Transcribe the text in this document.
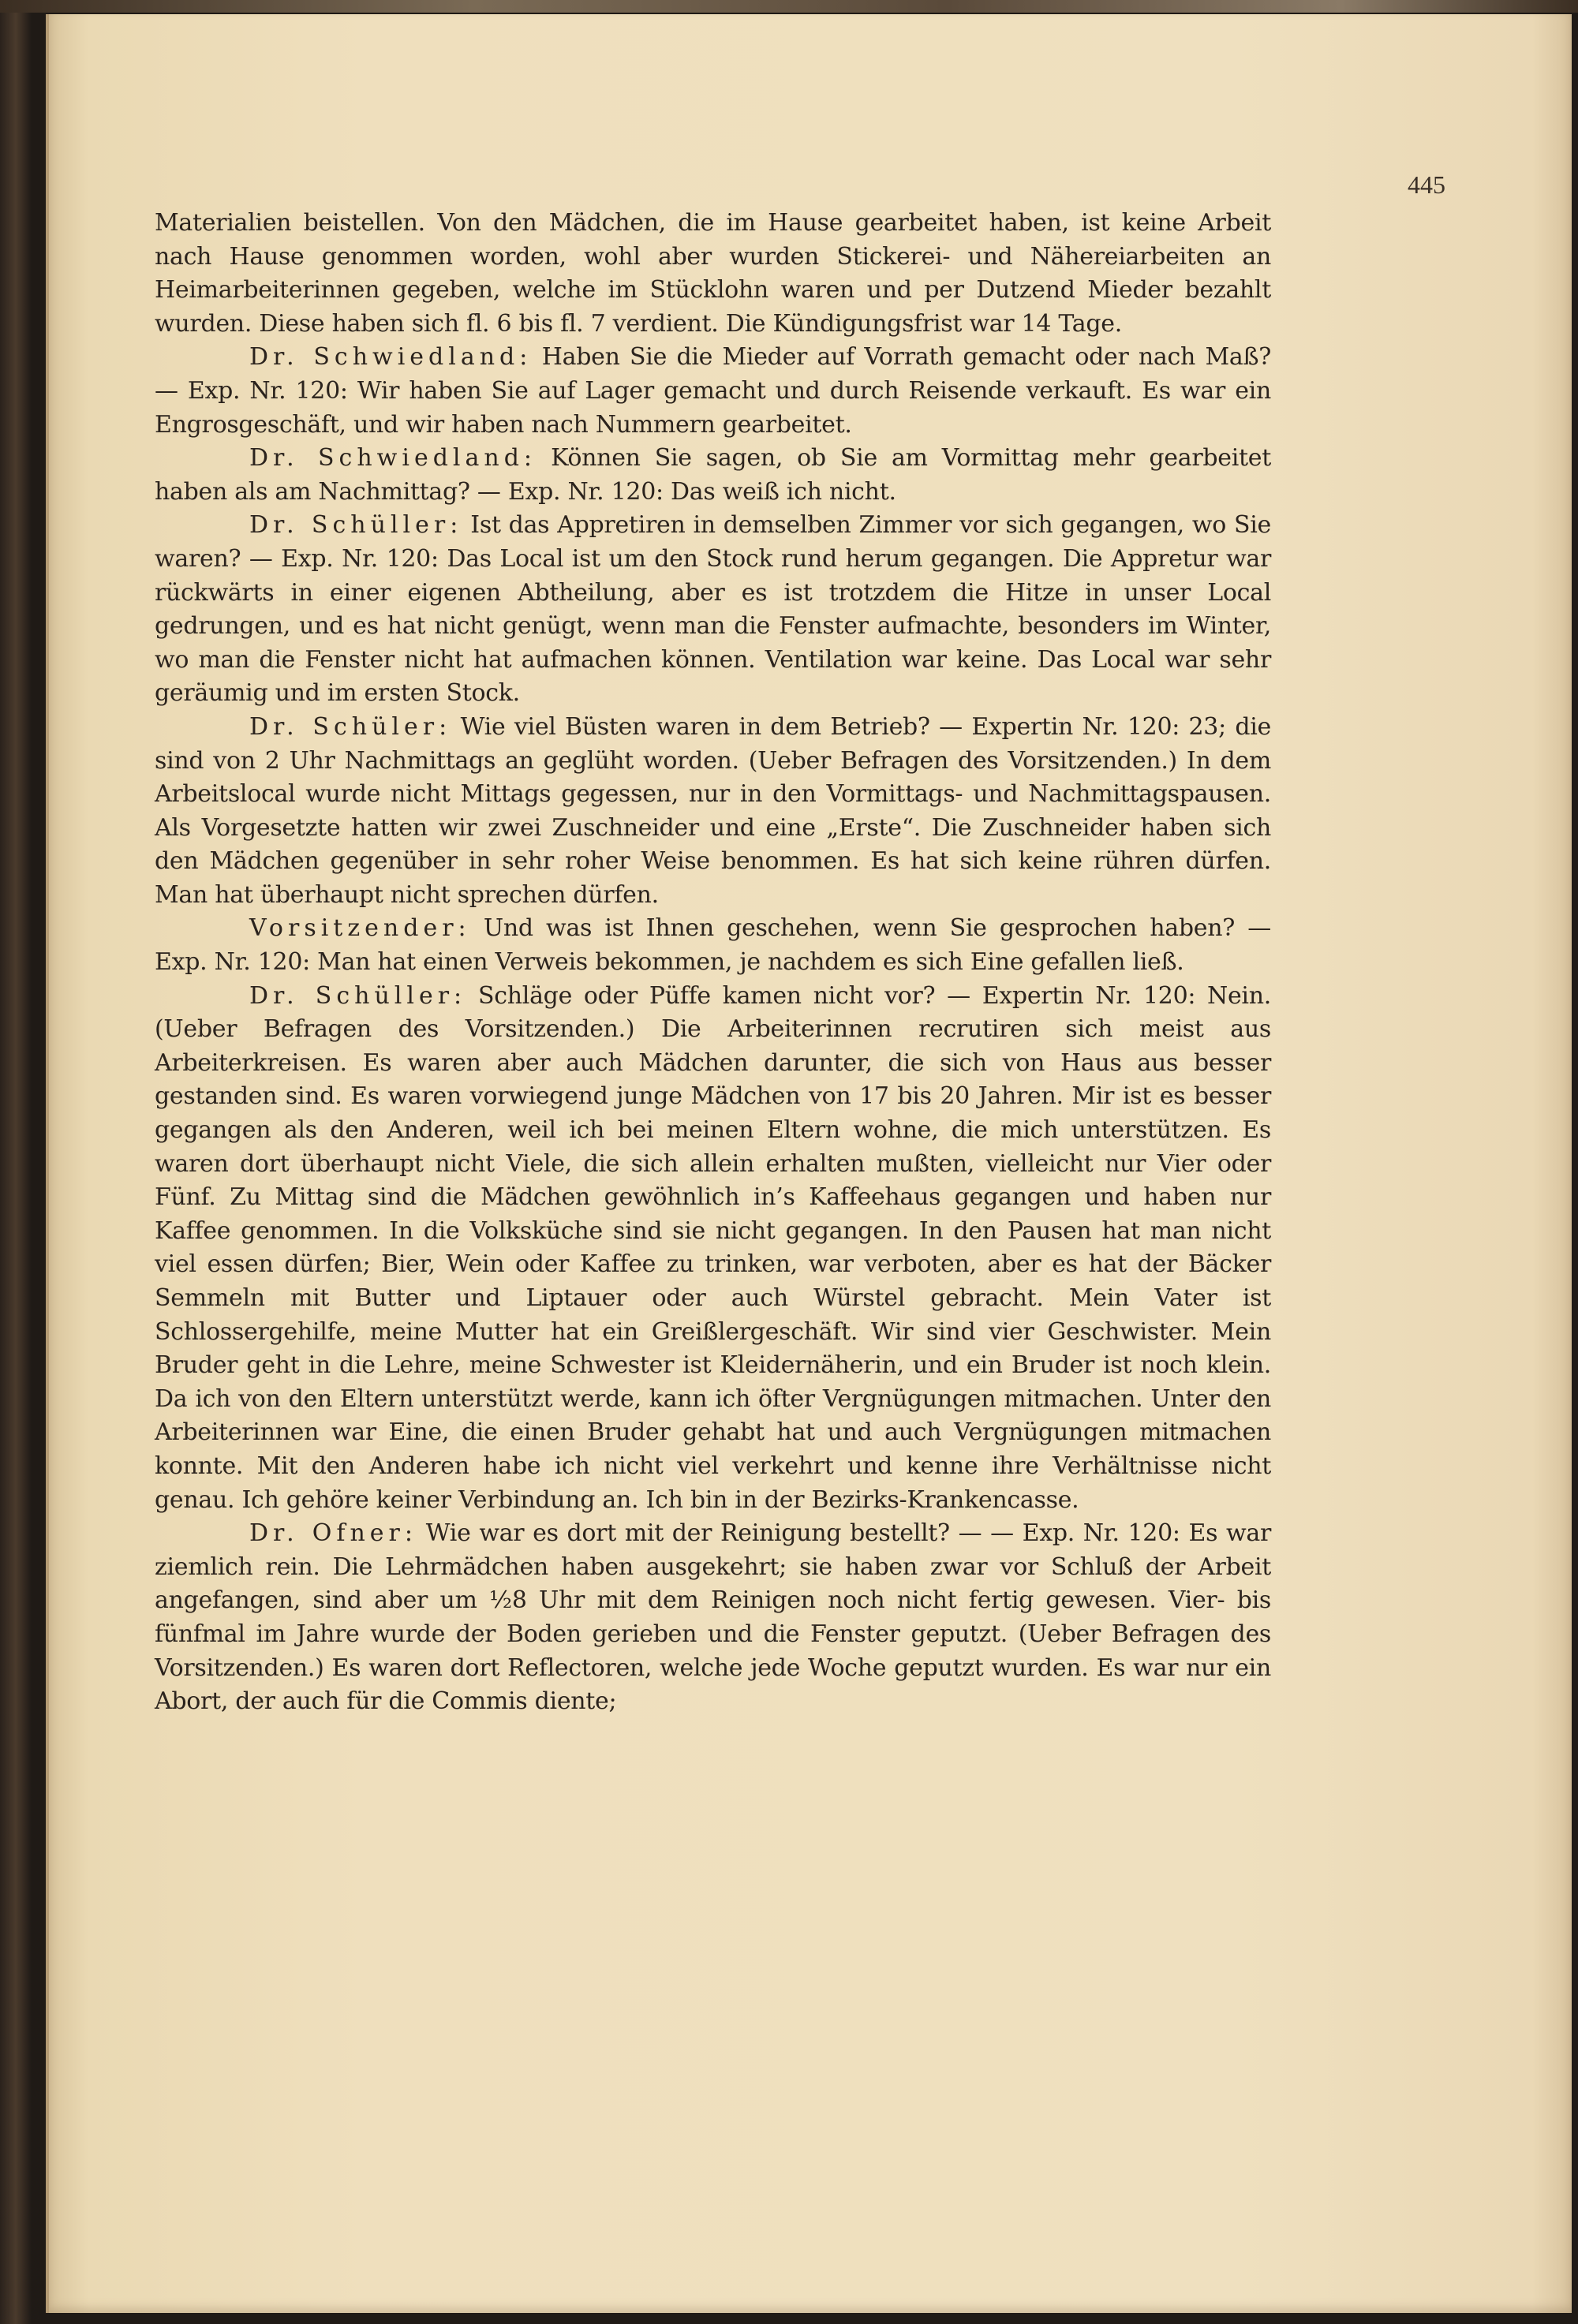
445

Materialien beistellen. Von den Mädchen, die im Hause gearbeitet haben, ist keine Arbeit nach Hause genommen worden, wohl aber wurden Stickerei- und Nähereiarbeiten an Heimarbeiterinnen gegeben, welche im Stücklohn waren und per Dutzend Mieder bezahlt wurden. Diese haben sich fl. 6 bis fl. 7 verdient. Die Kündigungsfrist war 14 Tage.

Dr. Schwiedland: Haben Sie die Mieder auf Vorrath gemacht oder nach Maß? — Exp. Nr. 120: Wir haben Sie auf Lager gemacht und durch Reisende verkauft. Es war ein Engrosgeschäft, und wir haben nach Nummern gearbeitet.

Dr. Schwiedland: Können Sie sagen, ob Sie am Vormittag mehr gearbeitet haben als am Nachmittag? — Exp. Nr. 120: Das weiß ich nicht.

Dr. Schüller: Ist das Appretiren in demselben Zimmer vor sich gegangen, wo Sie waren? — Exp. Nr. 120: Das Local ist um den Stock rund herum gegangen. Die Appretur war rückwärts in einer eigenen Abtheilung, aber es ist trotzdem die Hitze in unser Local gedrungen, und es hat nicht genügt, wenn man die Fenster aufmachte, besonders im Winter, wo man die Fenster nicht hat aufmachen können. Ventilation war keine. Das Local war sehr geräumig und im ersten Stock.

Dr. Schüler: Wie viel Büsten waren in dem Betrieb? — Expertin Nr. 120: 23; die sind von 2 Uhr Nachmittags an geglüht worden. (Ueber Befragen des Vorsitzenden.) In dem Arbeitslocal wurde nicht Mittags gegessen, nur in den Vormittags- und Nachmittagspausen. Als Vorgesetzte hatten wir zwei Zuschneider und eine „Erste“. Die Zuschneider haben sich den Mädchen gegenüber in sehr roher Weise benommen. Es hat sich keine rühren dürfen. Man hat überhaupt nicht sprechen dürfen.

Vorsitzender: Und was ist Ihnen geschehen, wenn Sie gesprochen haben? — Exp. Nr. 120: Man hat einen Verweis bekommen, je nachdem es sich Eine gefallen ließ.

Dr. Schüller: Schläge oder Püffe kamen nicht vor? — Expertin Nr. 120: Nein. (Ueber Befragen des Vorsitzenden.) Die Arbeiterinnen recrutiren sich meist aus Arbeiterkreisen. Es waren aber auch Mädchen darunter, die sich von Haus aus besser gestanden sind. Es waren vorwiegend junge Mädchen von 17 bis 20 Jahren. Mir ist es besser gegangen als den Anderen, weil ich bei meinen Eltern wohne, die mich unterstützen. Es waren dort überhaupt nicht Viele, die sich allein erhalten mußten, vielleicht nur Vier oder Fünf. Zu Mittag sind die Mädchen gewöhnlich in’s Kaffeehaus gegangen und haben nur Kaffee genommen. In die Volksküche sind sie nicht gegangen. In den Pausen hat man nicht viel essen dürfen; Bier, Wein oder Kaffee zu trinken, war verboten, aber es hat der Bäcker Semmeln mit Butter und Liptauer oder auch Würstel gebracht. Mein Vater ist Schlossergehilfe, meine Mutter hat ein Greißlergeschäft. Wir sind vier Geschwister. Mein Bruder geht in die Lehre, meine Schwester ist Kleidernäherin, und ein Bruder ist noch klein. Da ich von den Eltern unterstützt werde, kann ich öfter Vergnügungen mitmachen. Unter den Arbeiterinnen war Eine, die einen Bruder gehabt hat und auch Vergnügungen mitmachen konnte. Mit den Anderen habe ich nicht viel verkehrt und kenne ihre Verhältnisse nicht genau. Ich gehöre keiner Verbindung an. Ich bin in der Bezirks-Krankencasse.

Dr. Ofner: Wie war es dort mit der Reinigung bestellt? — — Exp. Nr. 120: Es war ziemlich rein. Die Lehrmädchen haben ausgekehrt; sie haben zwar vor Schluß der Arbeit angefangen, sind aber um ½8 Uhr mit dem Reinigen noch nicht fertig gewesen. Vier- bis fünfmal im Jahre wurde der Boden gerieben und die Fenster geputzt. (Ueber Befragen des Vorsitzenden.) Es waren dort Reflectoren, welche jede Woche geputzt wurden. Es war nur ein Abort, der auch für die Commis diente;
